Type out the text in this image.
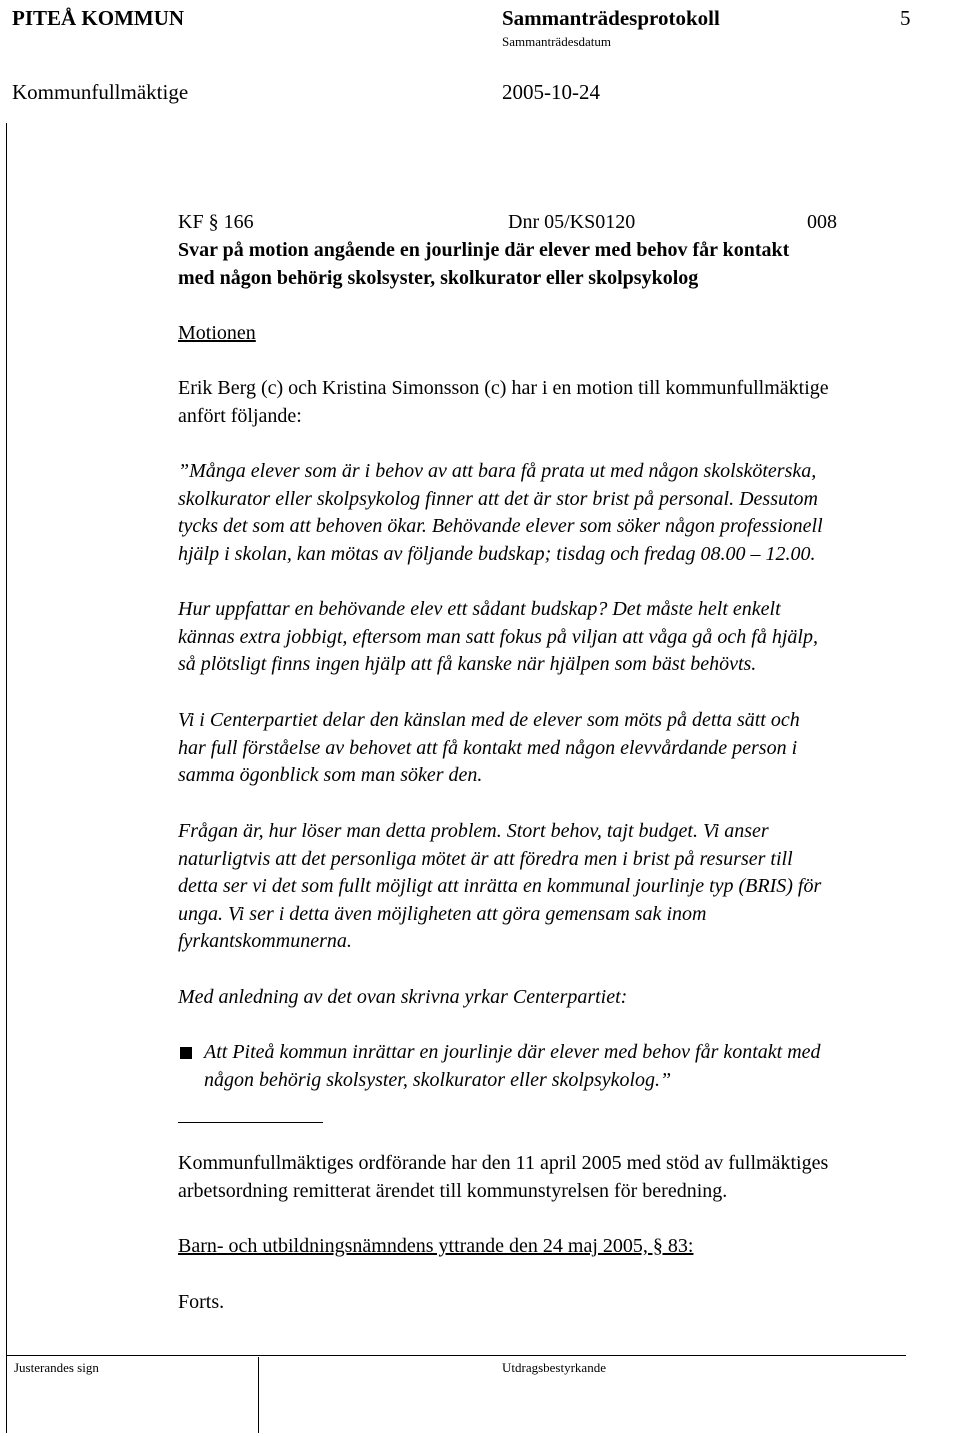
PITEÅ KOMMUN	Sammanträdesprotokoll	5
Sammanträdesdatum
Kommunfullmäktige	2005-10-24
KF § 166	Dnr 05/KS0120	008
Svar på motion angående en jourlinje där elever med behov får kontakt
med någon behörig skolsyster, skolkurator eller skolpsykolog
Motionen
Erik Berg (c) och Kristina Simonsson (c) har i en motion till kommunfullmäktige
anfört följande:
”Många elever som är i behov av att bara få prata ut med någon skolsköterska,
skolkurator eller skolpsykolog finner att det är stor brist på personal. Dessutom
tycks det som att behoven ökar. Behövande elever som söker någon professionell
hjälp i skolan, kan mötas av följande budskap; tisdag och fredag 08.00 – 12.00.
Hur uppfattar en behövande elev ett sådant budskap? Det måste helt enkelt
kännas extra jobbigt, eftersom man satt fokus på viljan att våga gå och få hjälp,
så plötsligt finns ingen hjälp att få kanske när hjälpen som bäst behövts.
Vi i Centerpartiet delar den känslan med de elever som möts på detta sätt och
har full förståelse av behovet att få kontakt med någon elevvårdande person i
samma ögonblick som man söker den.
Frågan är, hur löser man detta problem. Stort behov, tajt budget. Vi anser
naturligtvis att det personliga mötet är att föredra men i brist på resurser till
detta ser vi det som fullt möjligt att inrätta en kommunal jourlinje typ (BRIS) för
unga. Vi ser i detta även möjligheten att göra gemensam sak inom
fyrkantskommunerna.
Med anledning av det ovan skrivna yrkar Centerpartiet:
Att Piteå kommun inrättar en jourlinje där elever med behov får kontakt med
någon behörig skolsyster, skolkurator eller skolpsykolog.”
Kommunfullmäktiges ordförande har den 11 april 2005 med stöd av fullmäktiges
arbetsordning remitterat ärendet till kommunstyrelsen för beredning.
Barn- och utbildningsnämndens yttrande den 24 maj 2005, § 83:
Forts.
Justerandes sign	Utdragsbestyrkande
